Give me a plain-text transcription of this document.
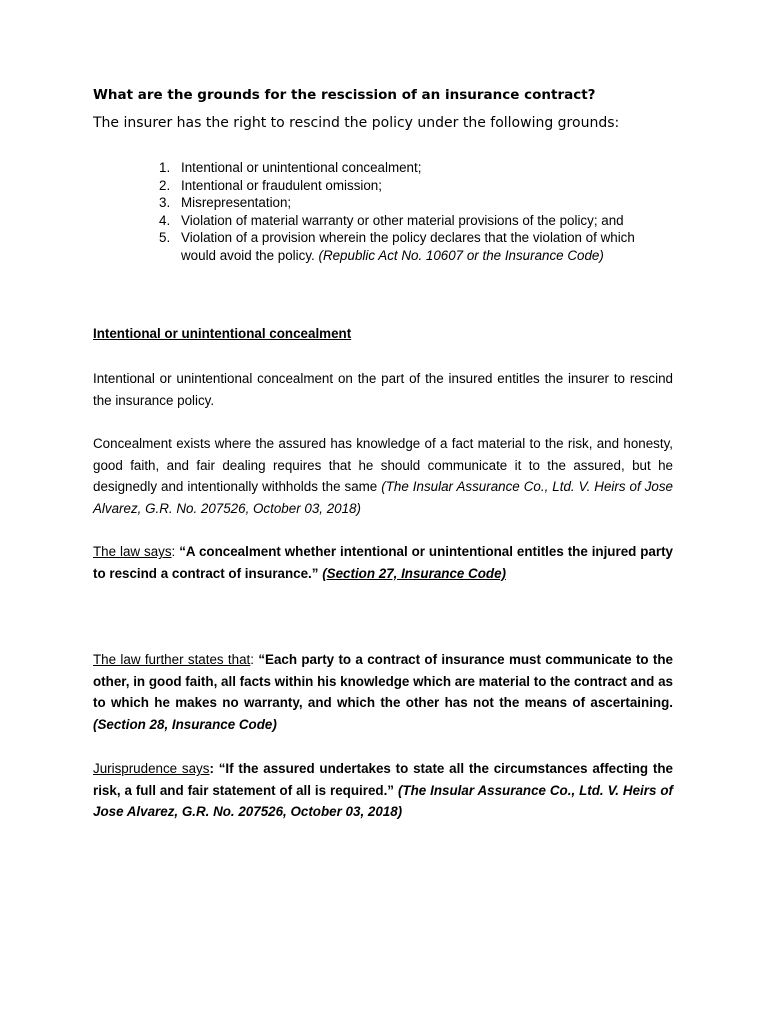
What are the grounds for the rescission of an insurance contract?
The insurer has the right to rescind the policy under the following grounds:
1. Intentional or unintentional concealment;
2. Intentional or fraudulent omission;
3. Misrepresentation;
4. Violation of material warranty or other material provisions of the policy; and
5. Violation of a provision wherein the policy declares that the violation of which would avoid the policy. (Republic Act No. 10607 or the Insurance Code)
Intentional or unintentional concealment

Intentional or unintentional concealment on the part of the insured entitles the insurer to rescind the insurance policy.

Concealment exists where the assured has knowledge of a fact material to the risk, and honesty, good faith, and fair dealing requires that he should communicate it to the assured, but he designedly and intentionally withholds the same (The Insular Assurance Co., Ltd. V. Heirs of Jose Alvarez, G.R. No. 207526, October 03, 2018)

The law says: “A concealment whether intentional or unintentional entitles the injured party to rescind a contract of insurance.” (Section 27, Insurance Code)

The law further states that: “Each party to a contract of insurance must communicate to the other, in good faith, all facts within his knowledge which are material to the contract and as to which he makes no warranty, and which the other has not the means of ascertaining. (Section 28, Insurance Code)

Jurisprudence says: “If the assured undertakes to state all the circumstances affecting the risk, a full and fair statement of all is required.” (The Insular Assurance Co., Ltd. V. Heirs of Jose Alvarez, G.R. No. 207526, October 03, 2018)
